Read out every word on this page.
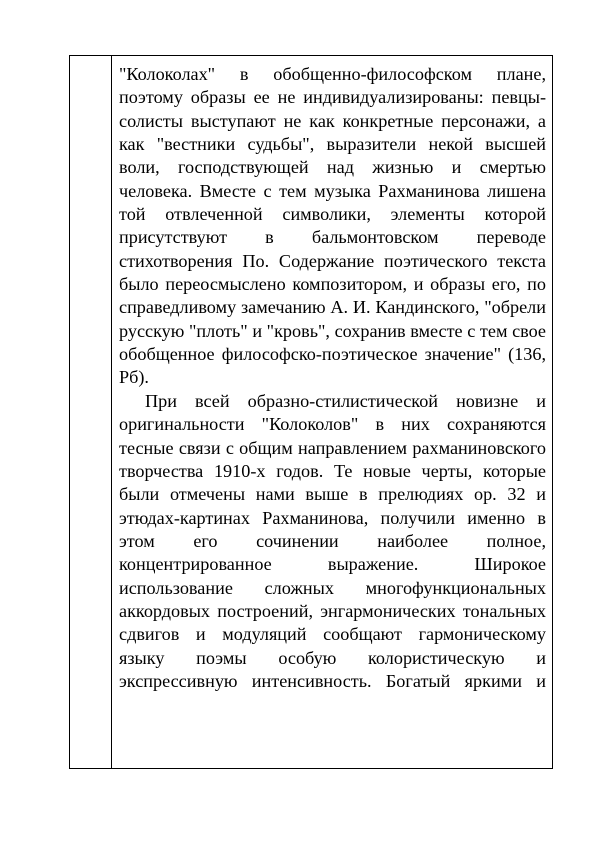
"Колоколах" в обобщенно-философском плане, поэтому образы ее не индивидуализированы: певцы-солисты выступают не как конкретные персонажи, а как "вестники судьбы", выразители некой высшей воли, господствующей над жизнью и смертью человека. Вместе с тем музыка Рахманинова лишена той отвлеченной символики, элементы которой присутствуют в бальмонтовском переводе стихотворения По. Содержание поэтического текста было переосмыслено композитором, и образы его, по справедливому замечанию А. И. Кандинского, "обрели русскую "плоть" и "кровь", сохранив вместе с тем свое обобщенное философско-поэтическое значение" (136, Рб).

При всей образно-стилистической новизне и оригинальности "Колоколов" в них сохраняются тесные связи с общим направлением рахманиновского творчества 1910-х годов. Те новые черты, которые были отмечены нами выше в прелюдиях ор. 32 и этюдах-картинах Рахманинова, получили именно в этом его сочинении наиболее полное, концентрированное выражение. Широкое использование сложных многофункциональных аккордовых построений, энгармонических тональных сдвигов и модуляций сообщают гармоническому языку поэмы особую колористическую и экспрессивную интенсивность. Богатый яркими и
